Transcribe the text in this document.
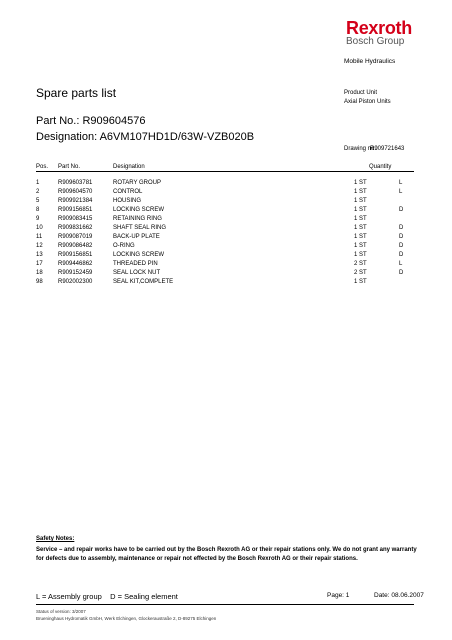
Rexroth
Bosch Group
Mobile Hydraulics
Spare parts list	Product Unit
Axial Piston Units
Part No.: R909604576
Designation: A6VM107HD1D/63W-VZB020B
Drawing no.:
R909721643
Pos. Part No.	Designation	Quantity
1	R909603781	ROTARY GROUP	1 ST	L
2	R909604570	CONTROL	1 ST	L
5	R909921384	HOUSING	1 ST
8	R909156851	LOCKING SCREW	1 ST	D
9	R909083415	RETAINING RING	1 ST
10	R909831662	SHAFT SEAL RING	1 ST	D
11	R909087019	BACK-UP PLATE	1 ST	D
12	R909086482	O-RING	1 ST	D
13	R909156851	LOCKING SCREW	1 ST	D
17	R909446862	THREADED PIN	2 ST	L
18	R909152459	SEAL LOCK NUT	2 ST	D
98	R902002300	SEAL KIT,COMPLETE	1 ST
Safety Notes:
Service – and repair works have to be carried out by the Bosch Rexroth AG or their repair stations only. We do not grant any warranty for defects due to assembly, maintenance or repair not effected by the Bosch Rexroth AG or their repair stations.
L = Assembly group    D = Sealing element	Page: 1	Date: 08.06.2007
Status of version: 3/2007
Brueninghaus Hydromatik GmbH, Werk Elchingen, Glockeraustraße 2, D-89275 Elchingen
